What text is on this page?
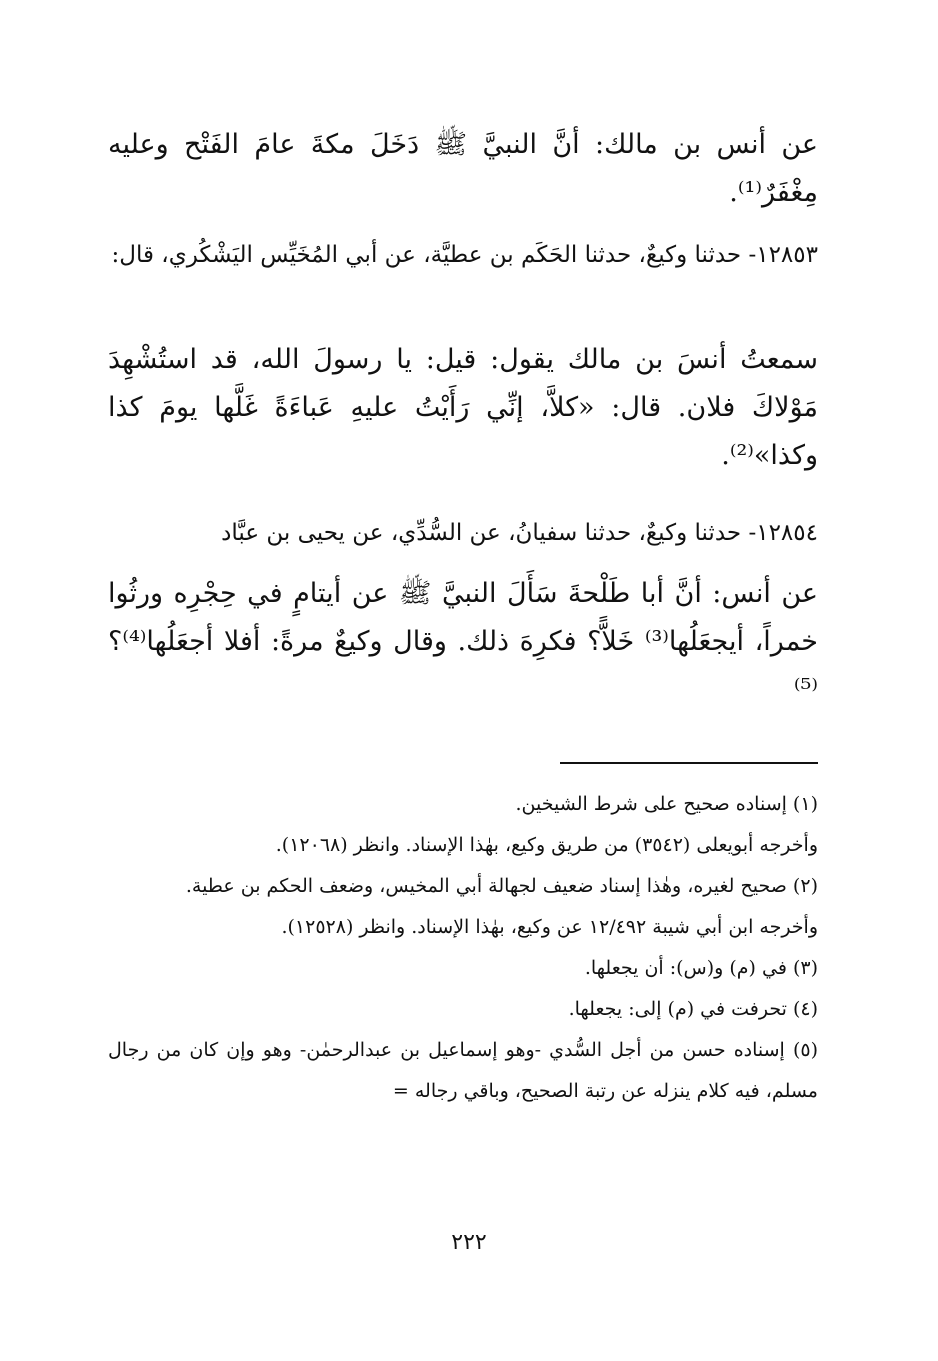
عن أنس بن مالك: أنَّ النبيَّ ﷺ دَخَلَ مكةَ عامَ الفَتْح وعليه مِغْفَرٌ⁽¹⁾.

١٢٨٥٣- حدثنا وكيعٌ، حدثنا الحَكَم بن عطيَّة، عن أبي المُخَيِّس اليَشْكُري، قال:

سمعتُ أنسَ بن مالك يقول: قيل: يا رسولَ الله، قد استُشْهِدَ مَوْلاكَ فلان. قال: «كلاَّ، إنِّي رَأَيْتُ عليهِ عَباءَةً غَلَّها يومَ كذا وكذا»⁽²⁾.

١٢٨٥٤- حدثنا وكيعٌ، حدثنا سفيانُ، عن السُّدِّي، عن يحيى بن عبَّاد

عن أنس: أنَّ أبا طَلْحةَ سَأَلَ النبيَّ ﷺ عن أيتامٍ في حِجْرِه ورثُوا خمراً، أيجعَلُها⁽³⁾ خَلاًّ؟ فكرِهَ ذلك. وقال وكيعٌ مرةً: أفلا أجعَلُها⁽⁴⁾؟⁽⁵⁾

(١) إسناده صحيح على شرط الشيخين.

وأخرجه أبويعلى (٣٥٤٢) من طريق وكيع، بهٰذا الإسناد. وانظر (١٢٠٦٨).

(٢) صحيح لغيره، وهٰذا إسناد ضعيف لجهالة أبي المخيس، وضعف الحكم بن عطية.

وأخرجه ابن أبي شيبة ١٢/٤٩٢ عن وكيع، بهٰذا الإسناد. وانظر (١٢٥٢٨).

(٣) في (م) و(س): أن يجعلها.

(٤) تحرفت في (م) إلى: يجعلها.

(٥) إسناده حسن من أجل السُّدي -وهو إسماعيل بن عبدالرحمٰن- وهو وإن كان من رجال مسلم، فيه كلام ينزله عن رتبة الصحيح، وباقي رجاله =

٢٢٢
